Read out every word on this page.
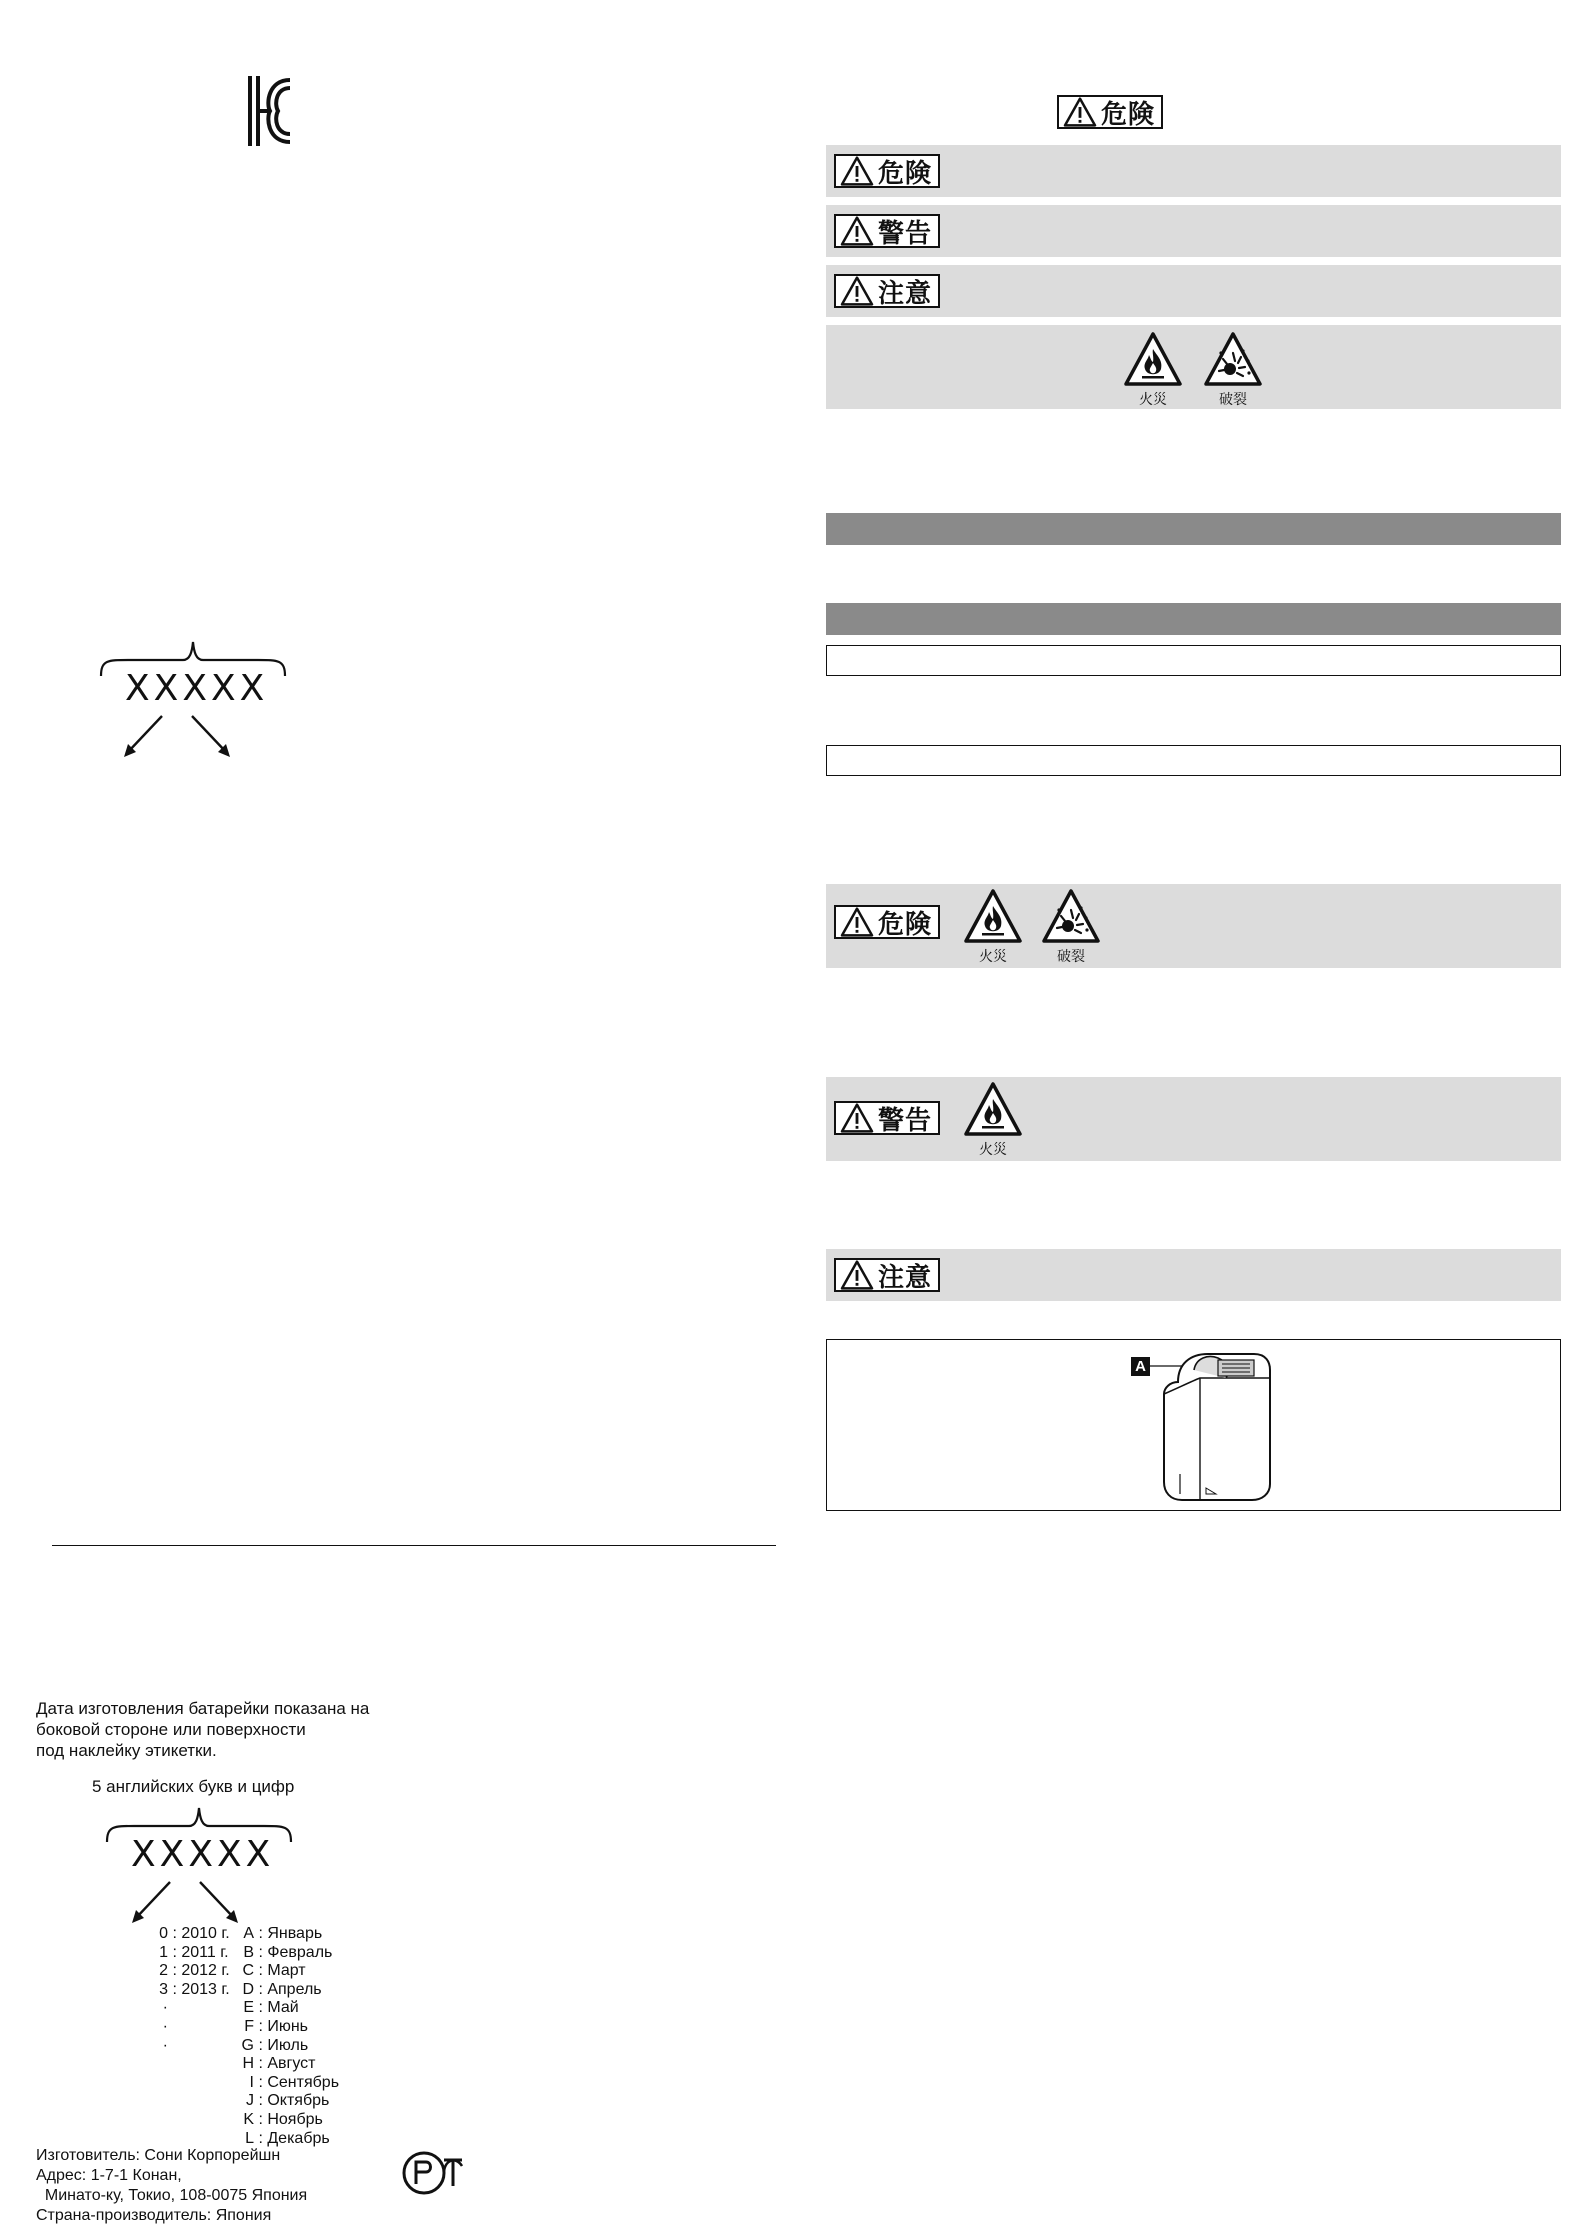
XXXXX
Дата изготовления батарейки показана на
боковой стороне или поверхности
под наклейку этикетки.
5 английских букв и цифр
XXXXX
0 : 2010 г.
1 : 2011 г.
2 : 2012 г.
3 : 2013 г.
·
·
·
A : Январь
B : Февраль
C : Март
D : Апрель
E : Май
F : Июнь
G : Июль
H : Август
I : Сентябрь
J : Октябрь
K : Ноябрь
L : Декабрь
Изготовитель: Сони Корпорейшн
Адрес: 1-7-1 Конан,
Минато-ку, Токио, 108-0075 Япония
Страна-производитель: Япония
危険
危険
警告
注意
火災	破裂
危険
火災	破裂
警告
火災
注意
A
